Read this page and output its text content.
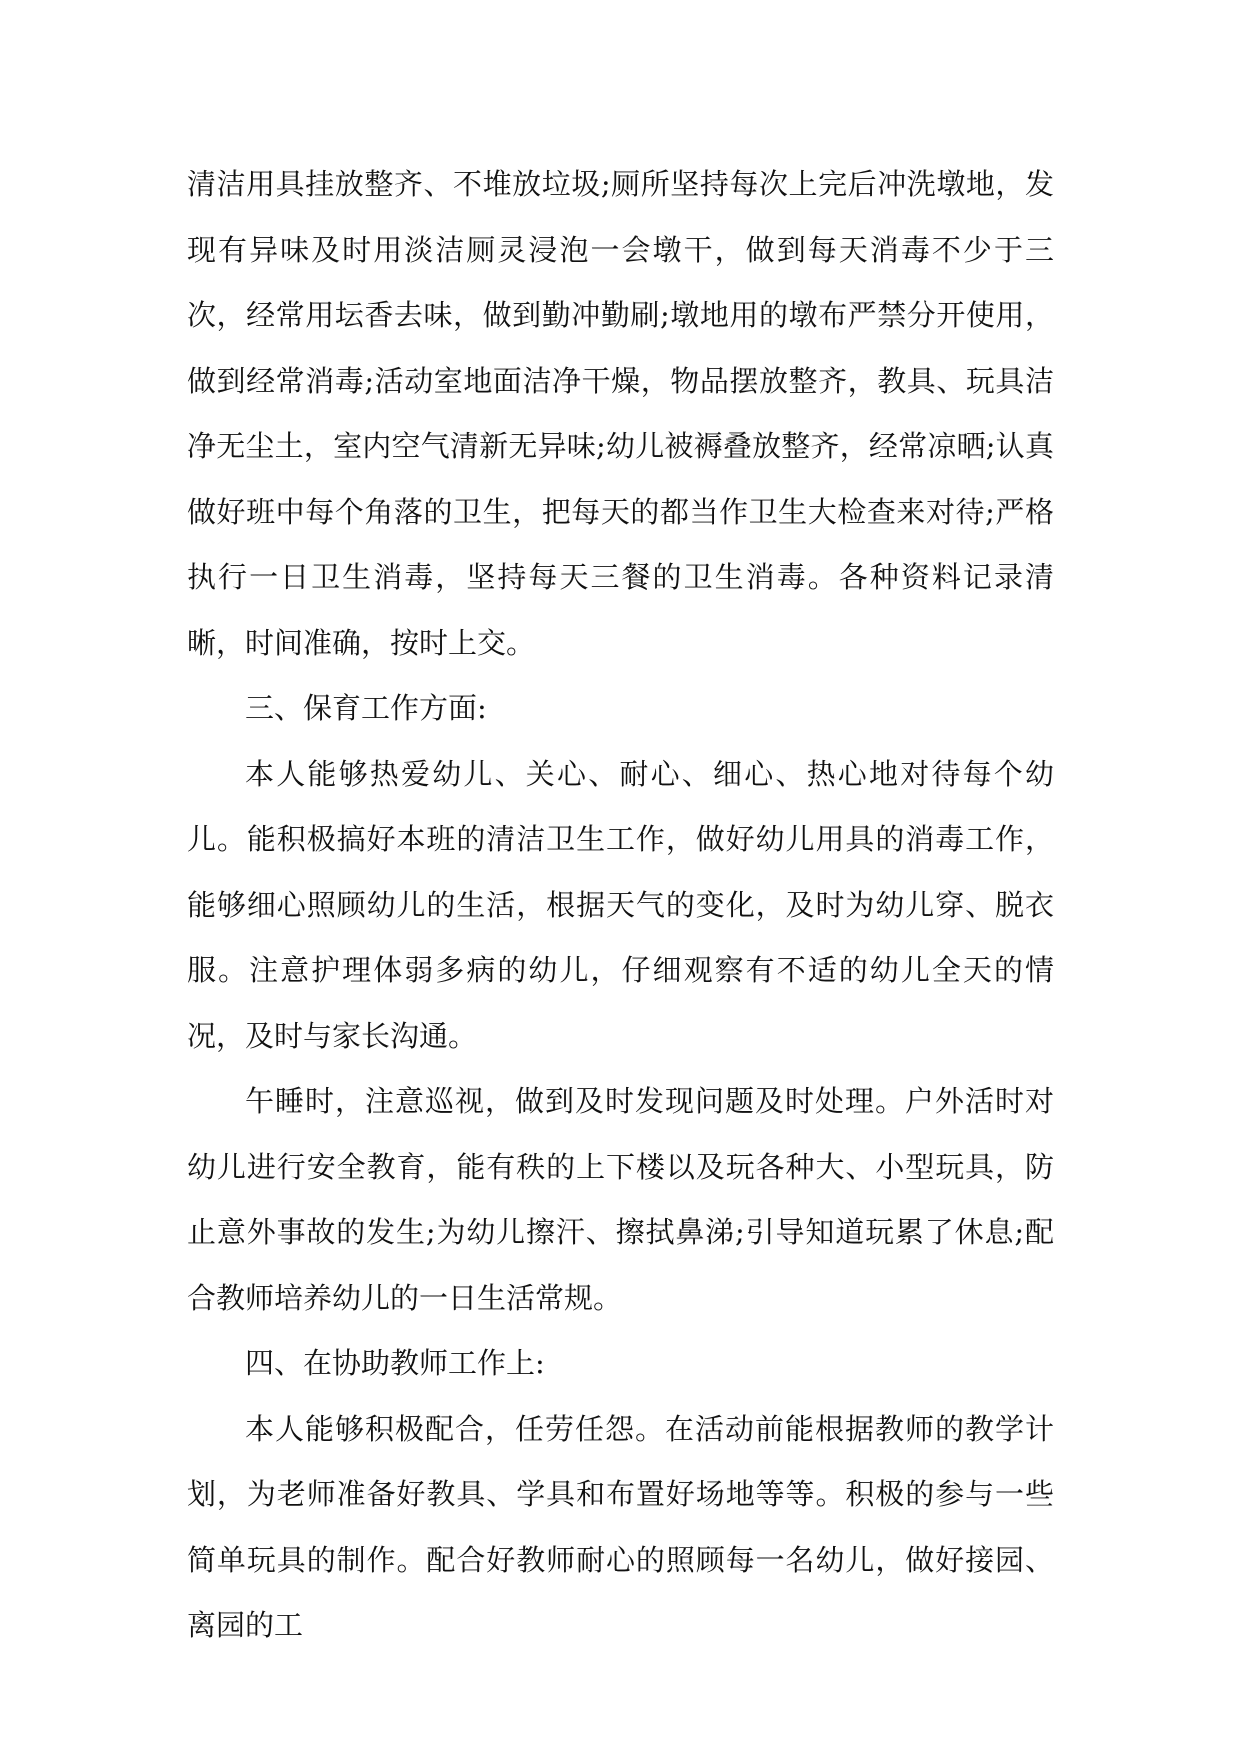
清洁用具挂放整齐、不堆放垃圾;厕所坚持每次上完后冲洗墩地，发现有异味及时用淡洁厕灵浸泡一会墩干，做到每天消毒不少于三次，经常用坛香去味，做到勤冲勤刷;墩地用的墩布严禁分开使用，做到经常消毒;活动室地面洁净干燥，物品摆放整齐，教具、玩具洁净无尘土，室内空气清新无异味;幼儿被褥叠放整齐，经常凉晒;认真做好班中每个角落的卫生，把每天的都当作卫生大检查来对待;严格执行一日卫生消毒，坚持每天三餐的卫生消毒。各种资料记录清晰，时间准确，按时上交。

三、保育工作方面:

本人能够热爱幼儿、关心、耐心、细心、热心地对待每个幼儿。能积极搞好本班的清洁卫生工作，做好幼儿用具的消毒工作，能够细心照顾幼儿的生活，根据天气的变化，及时为幼儿穿、脱衣服。注意护理体弱多病的幼儿，仔细观察有不适的幼儿全天的情况，及时与家长沟通。

午睡时，注意巡视，做到及时发现问题及时处理。户外活时对幼儿进行安全教育，能有秩的上下楼以及玩各种大、小型玩具，防止意外事故的发生;为幼儿擦汗、擦拭鼻涕;引导知道玩累了休息;配合教师培养幼儿的一日生活常规。

四、在协助教师工作上:

本人能够积极配合，任劳任怨。在活动前能根据教师的教学计划，为老师准备好教具、学具和布置好场地等等。积极的参与一些简单玩具的制作。配合好教师耐心的照顾每一名幼儿，做好接园、离园的工
